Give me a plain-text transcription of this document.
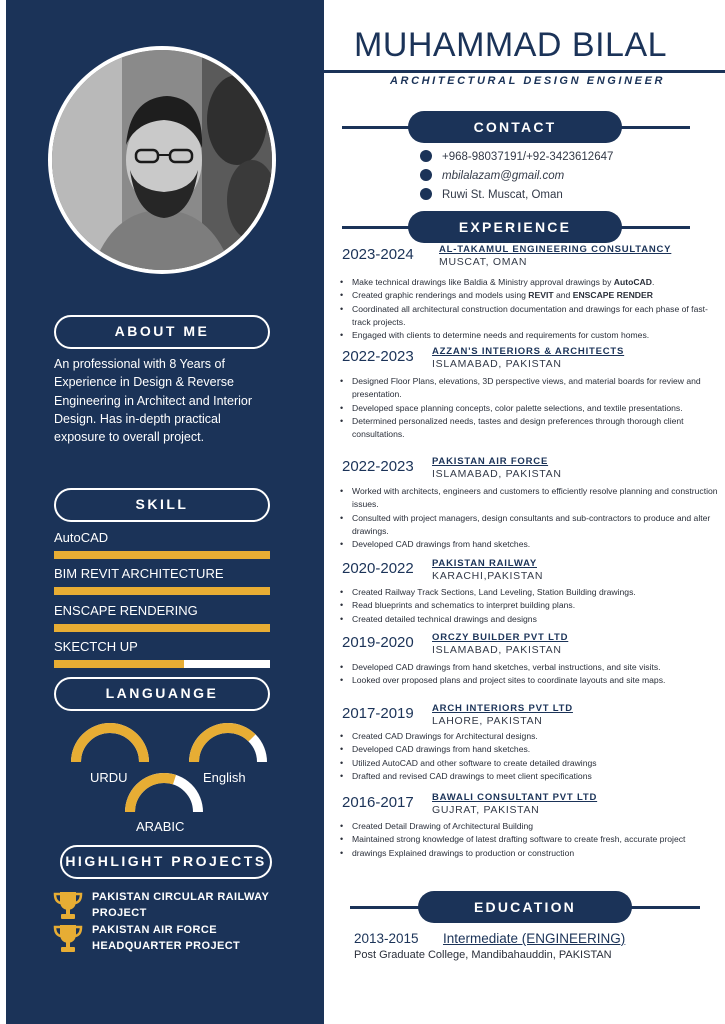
ABOUT ME
An professional with 8 Years of Experience in Design & Reverse Engineering in Architect and Interior Design. Has in-depth practical exposure to overall project.
SKILL
AutoCAD
BIM REVIT ARCHITECTURE
ENSCAPE RENDERING
SKECTCH UP
LANGUANGE
URDU	English
ARABIC
HIGHLIGHT PROJECTS
PAKISTAN CIRCULAR RAILWAY
PROJECT
PAKISTAN AIR FORCE
HEADQUARTER PROJECT
MUHAMMAD BILAL
ARCHITECTURAL DESIGN ENGINEER
CONTACT
+968-98037191/+92-3423612647
mbilalazam@gmail.com
Ruwi St. Muscat, Oman
EXPERIENCE
2023-2024	AL-TAKAMUL ENGINEERING CONSULTANCY
MUSCAT, OMAN
• Make technical drawings like Baldia & Ministry approval drawings by AutoCAD.
• Created graphic renderings and models using REVIT and ENSCAPE RENDER
• Coordinated all architectural construction documentation and drawings for each phase of fast-track projects.
• Engaged with clients to determine needs and requirements for custom homes.
2022-2023 AZZAN'S INTERIORS & ARCHITECTS
ISLAMABAD, PAKISTAN
• Designed Floor Plans, elevations, 3D perspective views, and material boards for review and presentation.
• Developed space planning concepts, color palette selections, and textile presentations.
• Determined personalized needs, tastes and design preferences through thorough client consultations.
2022-2023 PAKISTAN AIR FORCE
ISLAMABAD, PAKISTAN
• Worked with architects, engineers and customers to efficiently resolve planning and construction issues.
• Consulted with project managers, design consultants and sub-contractors to produce and alter drawings.
• Developed CAD drawings from hand sketches.
2020-2022 PAKISTAN RAILWAY
KARACHI,PAKISTAN
• Created Railway Track Sections, Land Leveling, Station Building drawings.
• Read blueprints and schematics to interpret building plans.
• Created detailed technical drawings and designs
2019-2020 ORCZY BUILDER PVT LTD
ISLAMABAD, PAKISTAN
• Developed CAD drawings from hand sketches, verbal instructions, and site visits.
• Looked over proposed plans and project sites to coordinate layouts and site maps.
2017-2019 ARCH INTERIORS PVT LTD
LAHORE, PAKISTAN
• Created CAD Drawings for Architectural designs.
• Developed CAD drawings from hand sketches.
• Utilized AutoCAD and other software to create detailed drawings
• Drafted and revised CAD drawings to meet client specifications
2016-2017 BAWALI CONSULTANT PVT LTD
GUJRAT, PAKISTAN
• Created Detail Drawing of Architectural Building
• Maintained strong knowledge of latest drafting software to create fresh, accurate project
• drawings Explained drawings to production or construction
EDUCATION
2013-2015 Intermediate (ENGINEERING)
Post Graduate College, Mandibahauddin, PAKISTAN
